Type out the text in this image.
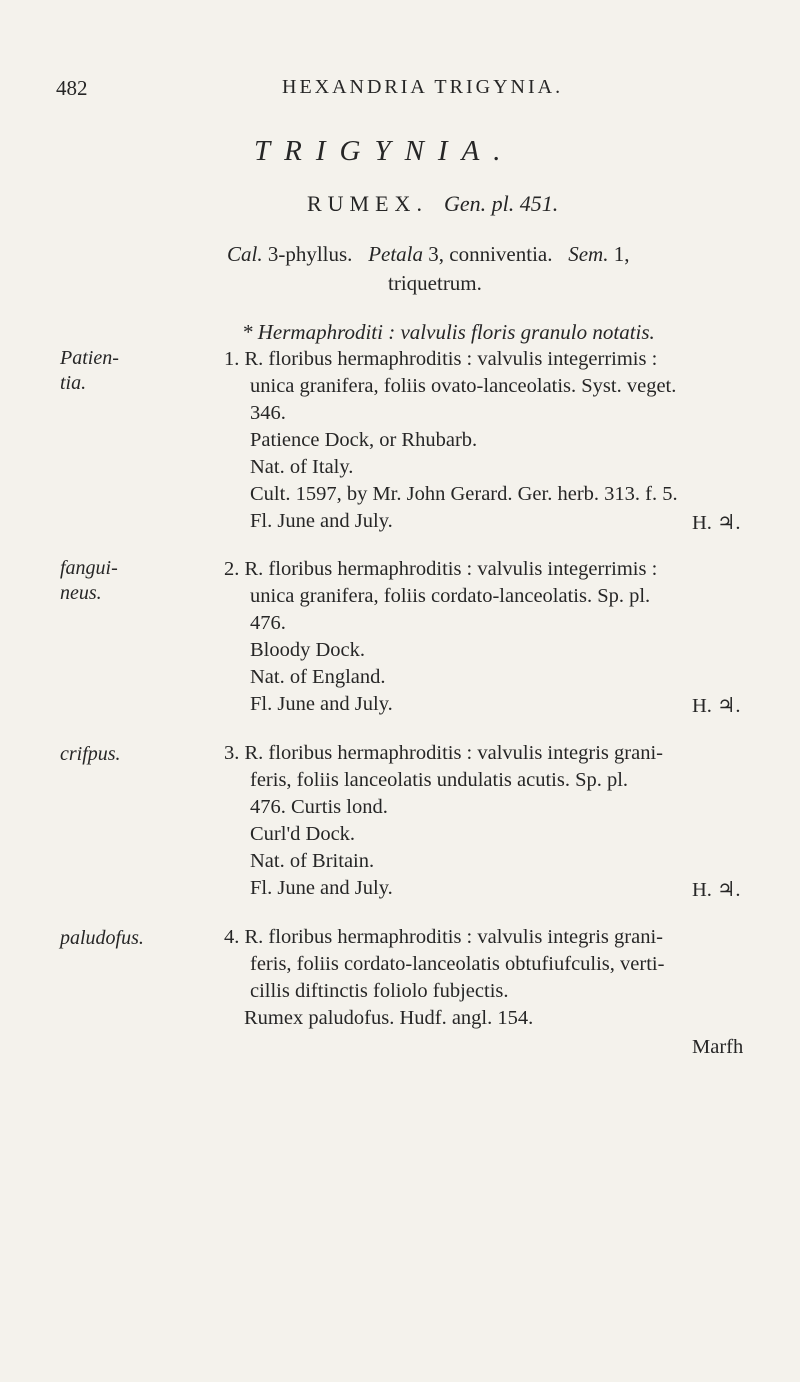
482	HEXANDRIA TRIGYNIA.
TRIGYNIA.
RUMEX. Gen. pl. 451.
Cal. 3-phyllus. Petala 3, conniventia. Sem. 1,
triquetrum.
* Hermaphroditi : valvulis floris granulo notatis.
Patien-
tia.
1. R. floribus hermaphroditis : valvulis integerrimis :
unica granifera, foliis ovato-lanceolatis. Syst. veget.
346.
Patience Dock, or Rhubarb.
Nat. of Italy.
Cult. 1597, by Mr. John Gerard. Ger. herb. 313. f. 5.
Fl. June and July.	H. ♃.
fangui-
neus.
2. R. floribus hermaphroditis : valvulis integerrimis :
unica granifera, foliis cordato-lanceolatis. Sp. pl.
476.
Bloody Dock.
Nat. of England.
Fl. June and July.	H. ♃.
crifpus.	3. R. floribus hermaphroditis : valvulis integris grani-
feris, foliis lanceolatis undulatis acutis. Sp. pl.
476. Curtis lond.
Curl'd Dock.
Nat. of Britain.
Fl. June and July.	H. ♃.
paludofus.	4. R. floribus hermaphroditis : valvulis integris grani-
feris, foliis cordato-lanceolatis obtufiufculis, verti-
cillis diftinctis foliolo fubjectis.
Rumex paludofus. Hudf. angl. 154.
Marfh
